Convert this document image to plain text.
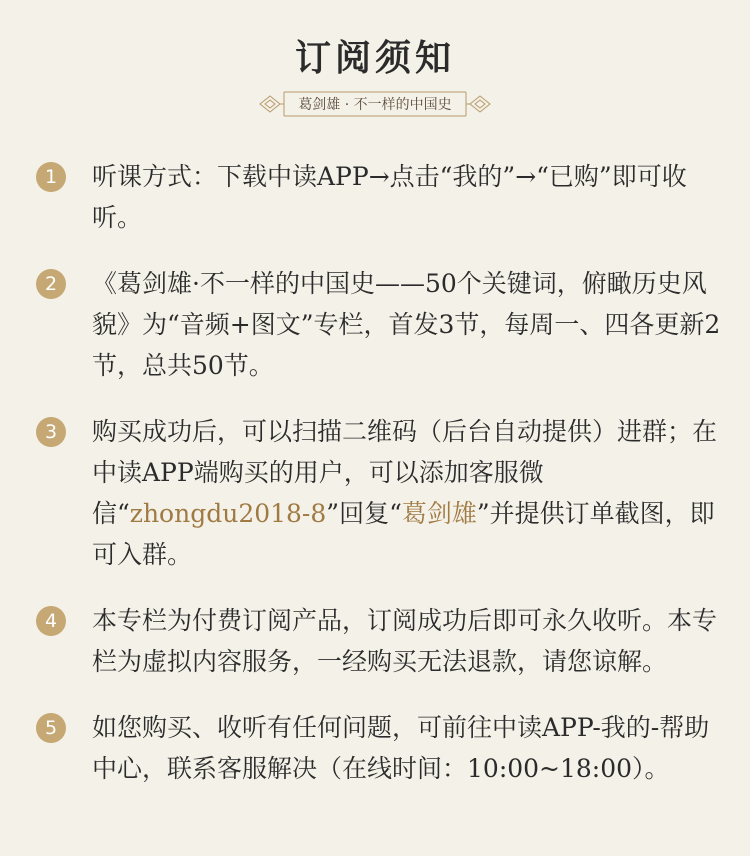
订阅须知
葛剑雄 · 不一样的中国史
1	听课方式：下载中读APP→点击“我的”→“已购”即可收听。
2	《葛剑雄·不一样的中国史——50个关键词，俯瞰历史风貌》为“音频+图文”专栏，首发3节，每周一、四各更新2节，总共50节。
3	购买成功后，可以扫描二维码（后台自动提供）进群；在中读APP端购买的用户，可以添加客服微信“zhongdu2018-8”回复“葛剑雄”并提供订单截图，即可入群。
4	本专栏为付费订阅产品，订阅成功后即可永久收听。本专栏为虚拟内容服务，一经购买无法退款，请您谅解。
5	如您购买、收听有任何问题，可前往中读APP-我的-帮助中心，联系客服解决（在线时间：10:00~18:00）。
